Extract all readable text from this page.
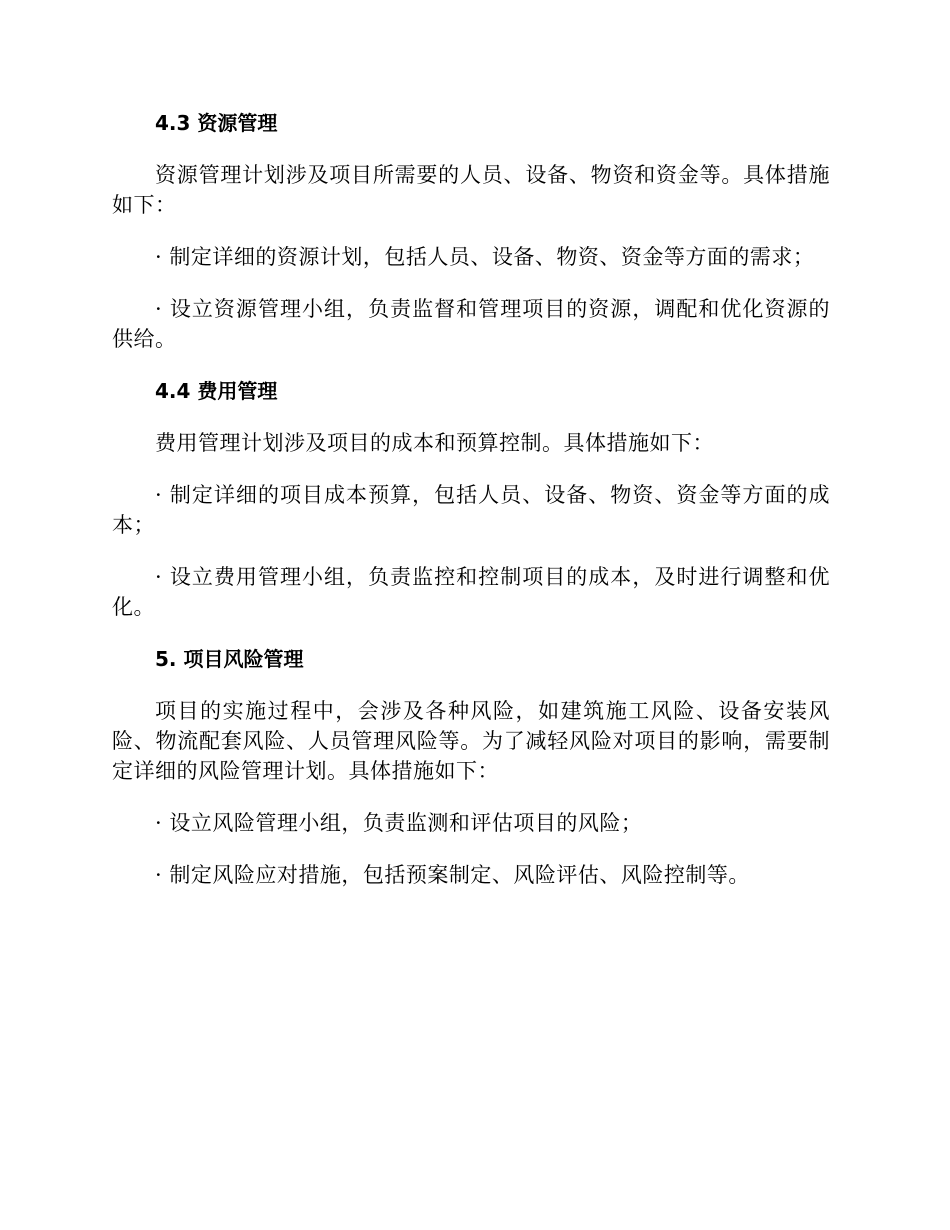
4.3 资源管理
资源管理计划涉及项目所需要的人员、设备、物资和资金等。具体措施如下：
· 制定详细的资源计划，包括人员、设备、物资、资金等方面的需求；
· 设立资源管理小组，负责监督和管理项目的资源，调配和优化资源的供给。
4.4 费用管理
费用管理计划涉及项目的成本和预算控制。具体措施如下：
· 制定详细的项目成本预算，包括人员、设备、物资、资金等方面的成本；
· 设立费用管理小组，负责监控和控制项目的成本，及时进行调整和优化。
5. 项目风险管理
项目的实施过程中，会涉及各种风险，如建筑施工风险、设备安装风险、物流配套风险、人员管理风险等。为了减轻风险对项目的影响，需要制定详细的风险管理计划。具体措施如下：
· 设立风险管理小组，负责监测和评估项目的风险；
· 制定风险应对措施，包括预案制定、风险评估、风险控制等。
